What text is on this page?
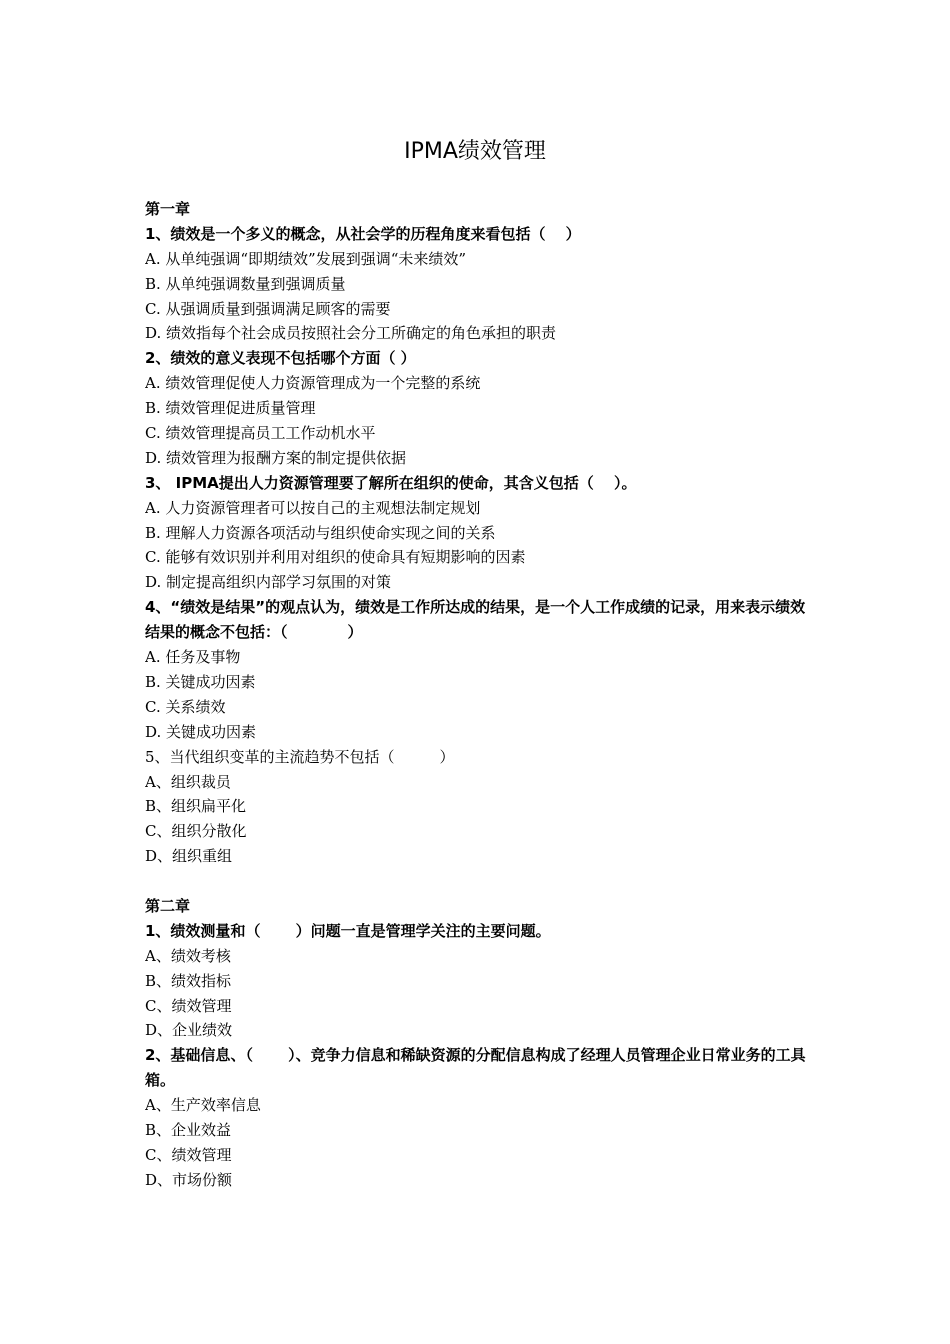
IPMA绩效管理
第一章
1、绩效是一个多义的概念，从社会学的历程角度来看包括（　 ）
A. 从单纯强调“即期绩效”发展到强调“未来绩效”
B. 从单纯强调数量到强调质量
C. 从强调质量到强调满足顾客的需要
D. 绩效指每个社会成员按照社会分工所确定的角色承担的职责
2、绩效的意义表现不包括哪个方面（ ）
A. 绩效管理促使人力资源管理成为一个完整的系统
B. 绩效管理促进质量管理
C. 绩效管理提高员工工作动机水平
D. 绩效管理为报酬方案的制定提供依据
3、 IPMA提出人力资源管理要了解所在组织的使命，其含义包括（　 ）。
A. 人力资源管理者可以按自己的主观想法制定规划
B. 理解人力资源各项活动与组织使命实现之间的关系
C. 能够有效识别并利用对组织的使命具有短期影响的因素
D. 制定提高组织内部学习氛围的对策
4、“绩效是结果”的观点认为，绩效是工作所达成的结果，是一个人工作成绩的记录，用来表示绩效结果的概念不包括：（　　　　）
A. 任务及事物
B. 关键成功因素
C. 关系绩效
D. 关键成功因素
5、当代组织变革的主流趋势不包括（　　　）
A、组织裁员
B、组织扁平化
C、组织分散化
D、组织重组
第二章
1、绩效测量和（　　 ）问题一直是管理学关注的主要问题。
A、绩效考核
B、绩效指标
C、绩效管理
D、企业绩效
2、基础信息、（　　 ）、竞争力信息和稀缺资源的分配信息构成了经理人员管理企业日常业务的工具箱。
A、生产效率信息
B、企业效益
C、绩效管理
D、市场份额
